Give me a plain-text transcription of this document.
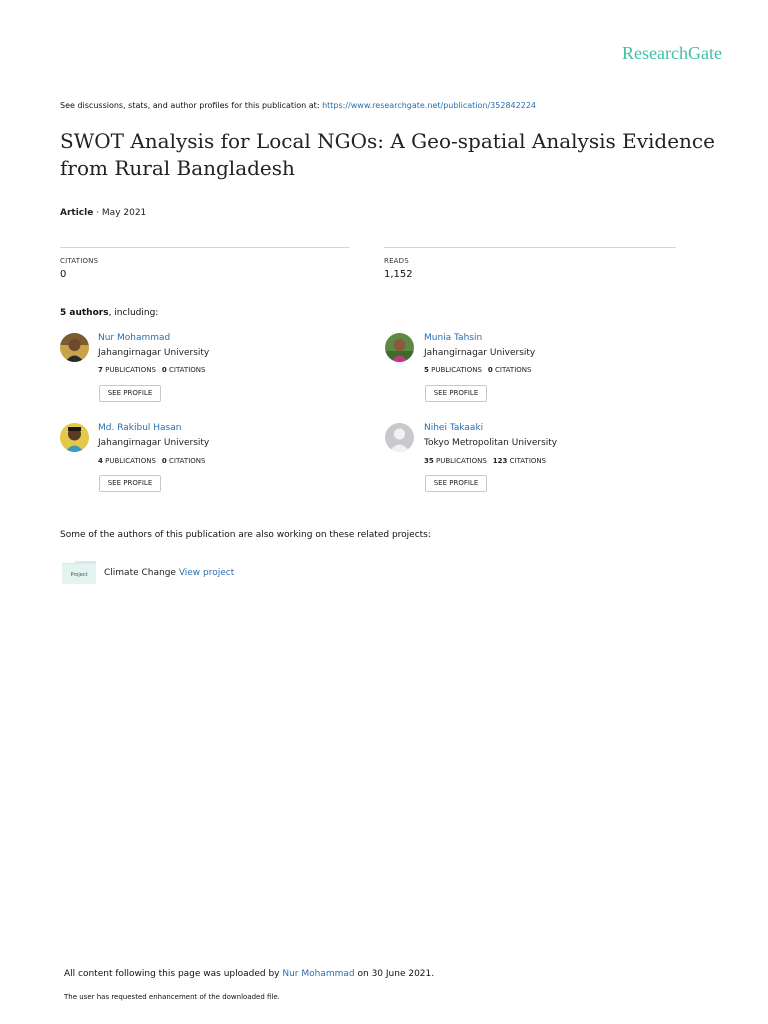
ResearchGate
See discussions, stats, and author profiles for this publication at: https://www.researchgate.net/publication/352842224
SWOT Analysis for Local NGOs: A Geo-spatial Analysis Evidence from Rural Bangladesh
Article · May 2021
CITATIONS
0
READS
1,152
5 authors, including:
Nur Mohammad
Jahangirnagar University
7 PUBLICATIONS 0 CITATIONS
SEE PROFILE
Munia Tahsin
Jahangirnagar University
5 PUBLICATIONS 0 CITATIONS
SEE PROFILE
Md. Rakibul Hasan
Jahangirnagar University
4 PUBLICATIONS 0 CITATIONS
SEE PROFILE
Nihei Takaaki
Tokyo Metropolitan University
35 PUBLICATIONS 123 CITATIONS
SEE PROFILE
Some of the authors of this publication are also working on these related projects:
Project Climate Change View project
All content following this page was uploaded by Nur Mohammad on 30 June 2021.
The user has requested enhancement of the downloaded file.
